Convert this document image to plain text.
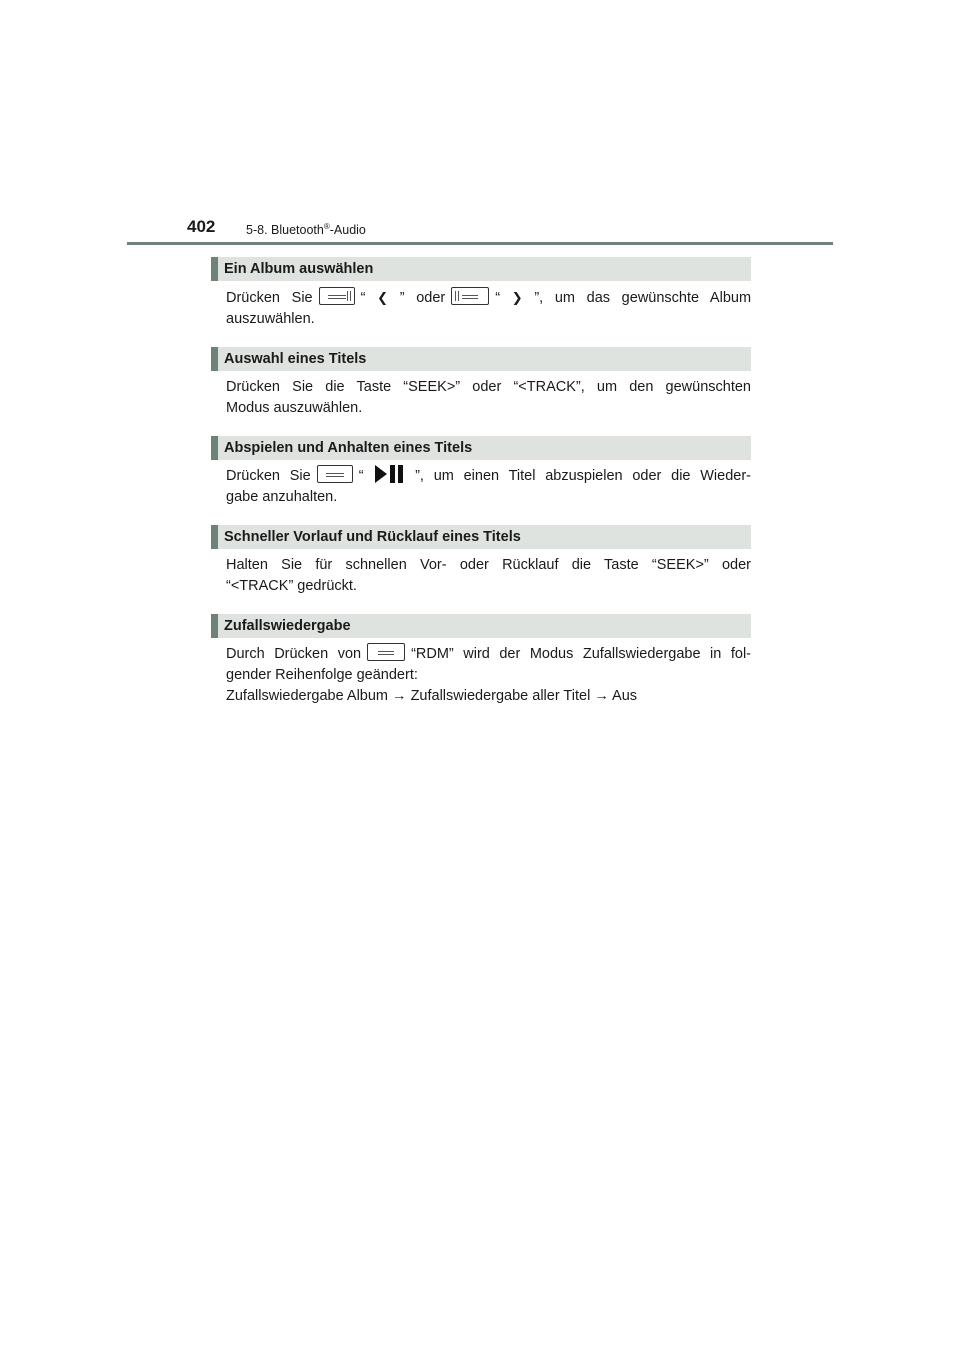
402 5-8. Bluetooth®-Audio
Ein Album auswählen
Drücken Sie	“ ❮ ” oder	“ ❯ ”, um das gewünschte Album
auszuwählen.
Auswahl eines Titels
Drücken Sie die Taste “SEEK>” oder “<TRACK”, um den gewünschten
Modus auszuwählen.
Abspielen und Anhalten eines Titels
Drücken Sie	“	”, um einen Titel abzuspielen oder die Wieder-
gabe anzuhalten.
Schneller Vorlauf und Rücklauf eines Titels
Halten Sie für schnellen Vor- oder Rücklauf die Taste “SEEK>” oder
“<TRACK” gedrückt.
Zufallswiedergabe
Durch Drücken von	“RDM” wird der Modus Zufallswiedergabe in fol-
gender Reihenfolge geändert:
Zufallswiedergabe Album → Zufallswiedergabe aller Titel → Aus
